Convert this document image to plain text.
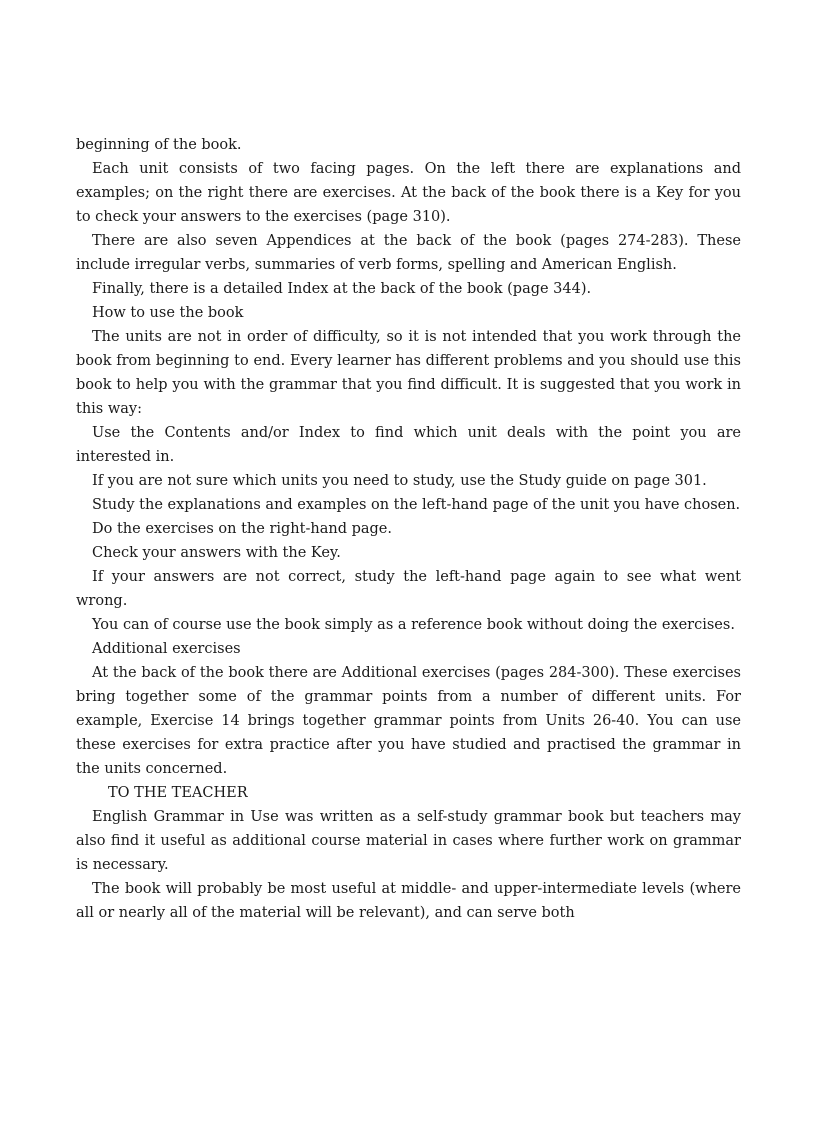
beginning of the book.

Each unit consists of two facing pages. On the left there are explanations and examples; on the right there are exercises. At the back of the book there is a Key for you to check your answers to the exercises (page 310).

There are also seven Appendices at the back of the book (pages 274-283). These include irregular verbs, summaries of verb forms, spelling and American English.

Finally, there is a detailed Index at the back of the book (page 344).

How to use the book

The units are not in order of difficulty, so it is not intended that you work through the book from beginning to end. Every learner has different problems and you should use this book to help you with the grammar that you find difficult. It is suggested that you work in this way:

Use the Contents and/or Index to find which unit deals with the point you are interested in.

If you are not sure which units you need to study, use the Study guide on page 301.

Study the explanations and examples on the left-hand page of the unit you have chosen.

Do the exercises on the right-hand page.

Check your answers with the Key.

If your answers are not correct, study the left-hand page again to see what went wrong.

You can of course use the book simply as a reference book without doing the exercises.

Additional exercises

At the back of the book there are Additional exercises (pages 284-300). These exercises bring together some of the grammar points from a number of different units. For example, Exercise 14 brings together grammar points from Units 26-40. You can use these exercises for extra practice after you have studied and practised the grammar in the units concerned.

TO THE TEACHER

English Grammar in Use was written as a self-study grammar book but teachers may also find it useful as additional course material in cases where further work on grammar is necessary.

The book will probably be most useful at middle- and upper-intermediate levels (where all or nearly all of the material will be relevant), and can serve both
